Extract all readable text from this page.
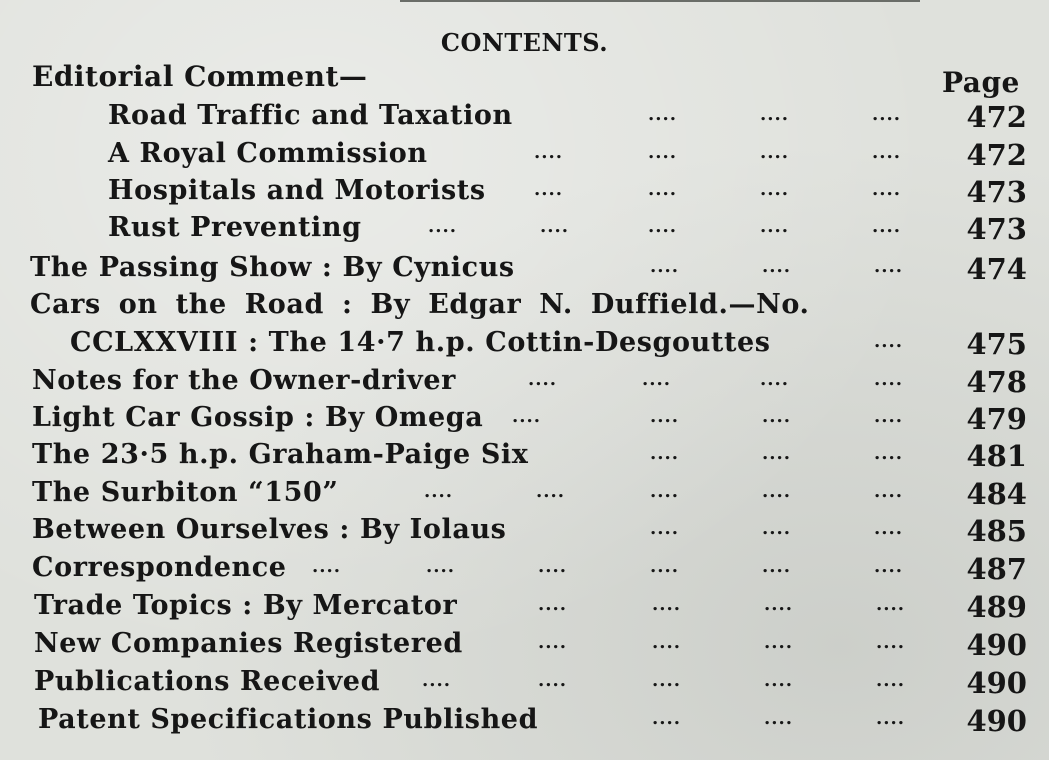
CONTENTS.
Editorial Comment—	Page
Road Traffic and Taxation	....	....	.... 472
A Royal Commission	....	....	....	.... 472
Hospitals and Motorists	....	....	....	.... 473
Rust Preventing	....	....	....	....	.... 473
The Passing Show : By Cynicus	....	....	.... 474
Cars on the Road : By Edgar N. Duffield.—No.
CCLXXVIII : The 14·7 h.p. Cottin-Desgouttes	.... 475
Notes for the Owner-driver	....	....	....	.... 478
Light Car Gossip : By Omega ....	....	....	.... 479
The 23·5 h.p. Graham-Paige Six	....	....	.... 481
The Surbiton “150”	....	....	....	....	.... 484
Between Ourselves : By Iolaus	....	....	.... 485
Correspondence ....	....	....	....	....	.... 487
Trade Topics : By Mercator	....	....	....	.... 489
New Companies Registered	....	....	....	.... 490
Publications Received ....	....	....	....	.... 490
Patent Specifications Published	....	....	.... 490
